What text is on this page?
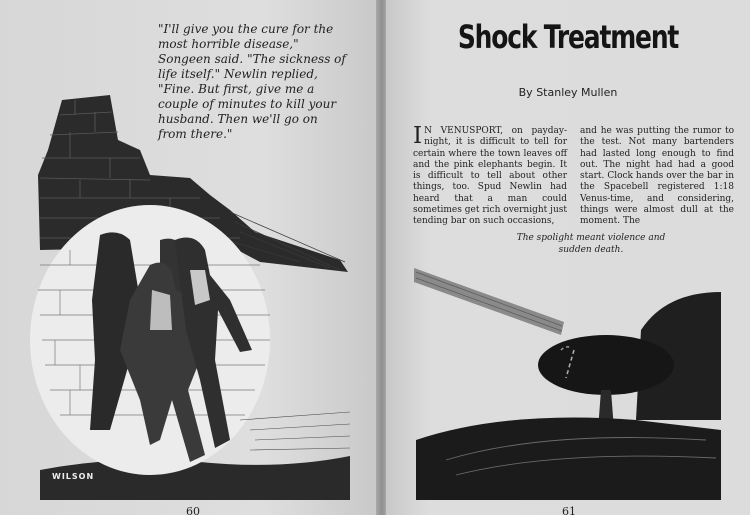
"I'll give you the cure for the most horrible disease," Songeen said. "The sickness of life itself." Newlin replied, "Fine. But first, give me a couple of minutes to kill your husband. Then we'll go on from there."

WILSON

60

Shock Treatment

By Stanley Mullen

I N VENUSPORT, on payday-night, it is difficult to tell for certain where the town leaves off and the pink elephants begin. It is difficult to tell about other things, too. Spud Newlin had heard that a man could sometimes get rich overnight just tending bar on such occasions,

and he was putting the rumor to the test. Not many bartenders had lasted long enough to find out. The night had had a good start. Clock hands over the bar in the Spacebell registered 1:18 Venus-time, and considering, things were almost dull at the moment. The

The spolight meant violence and
sudden death.

61
